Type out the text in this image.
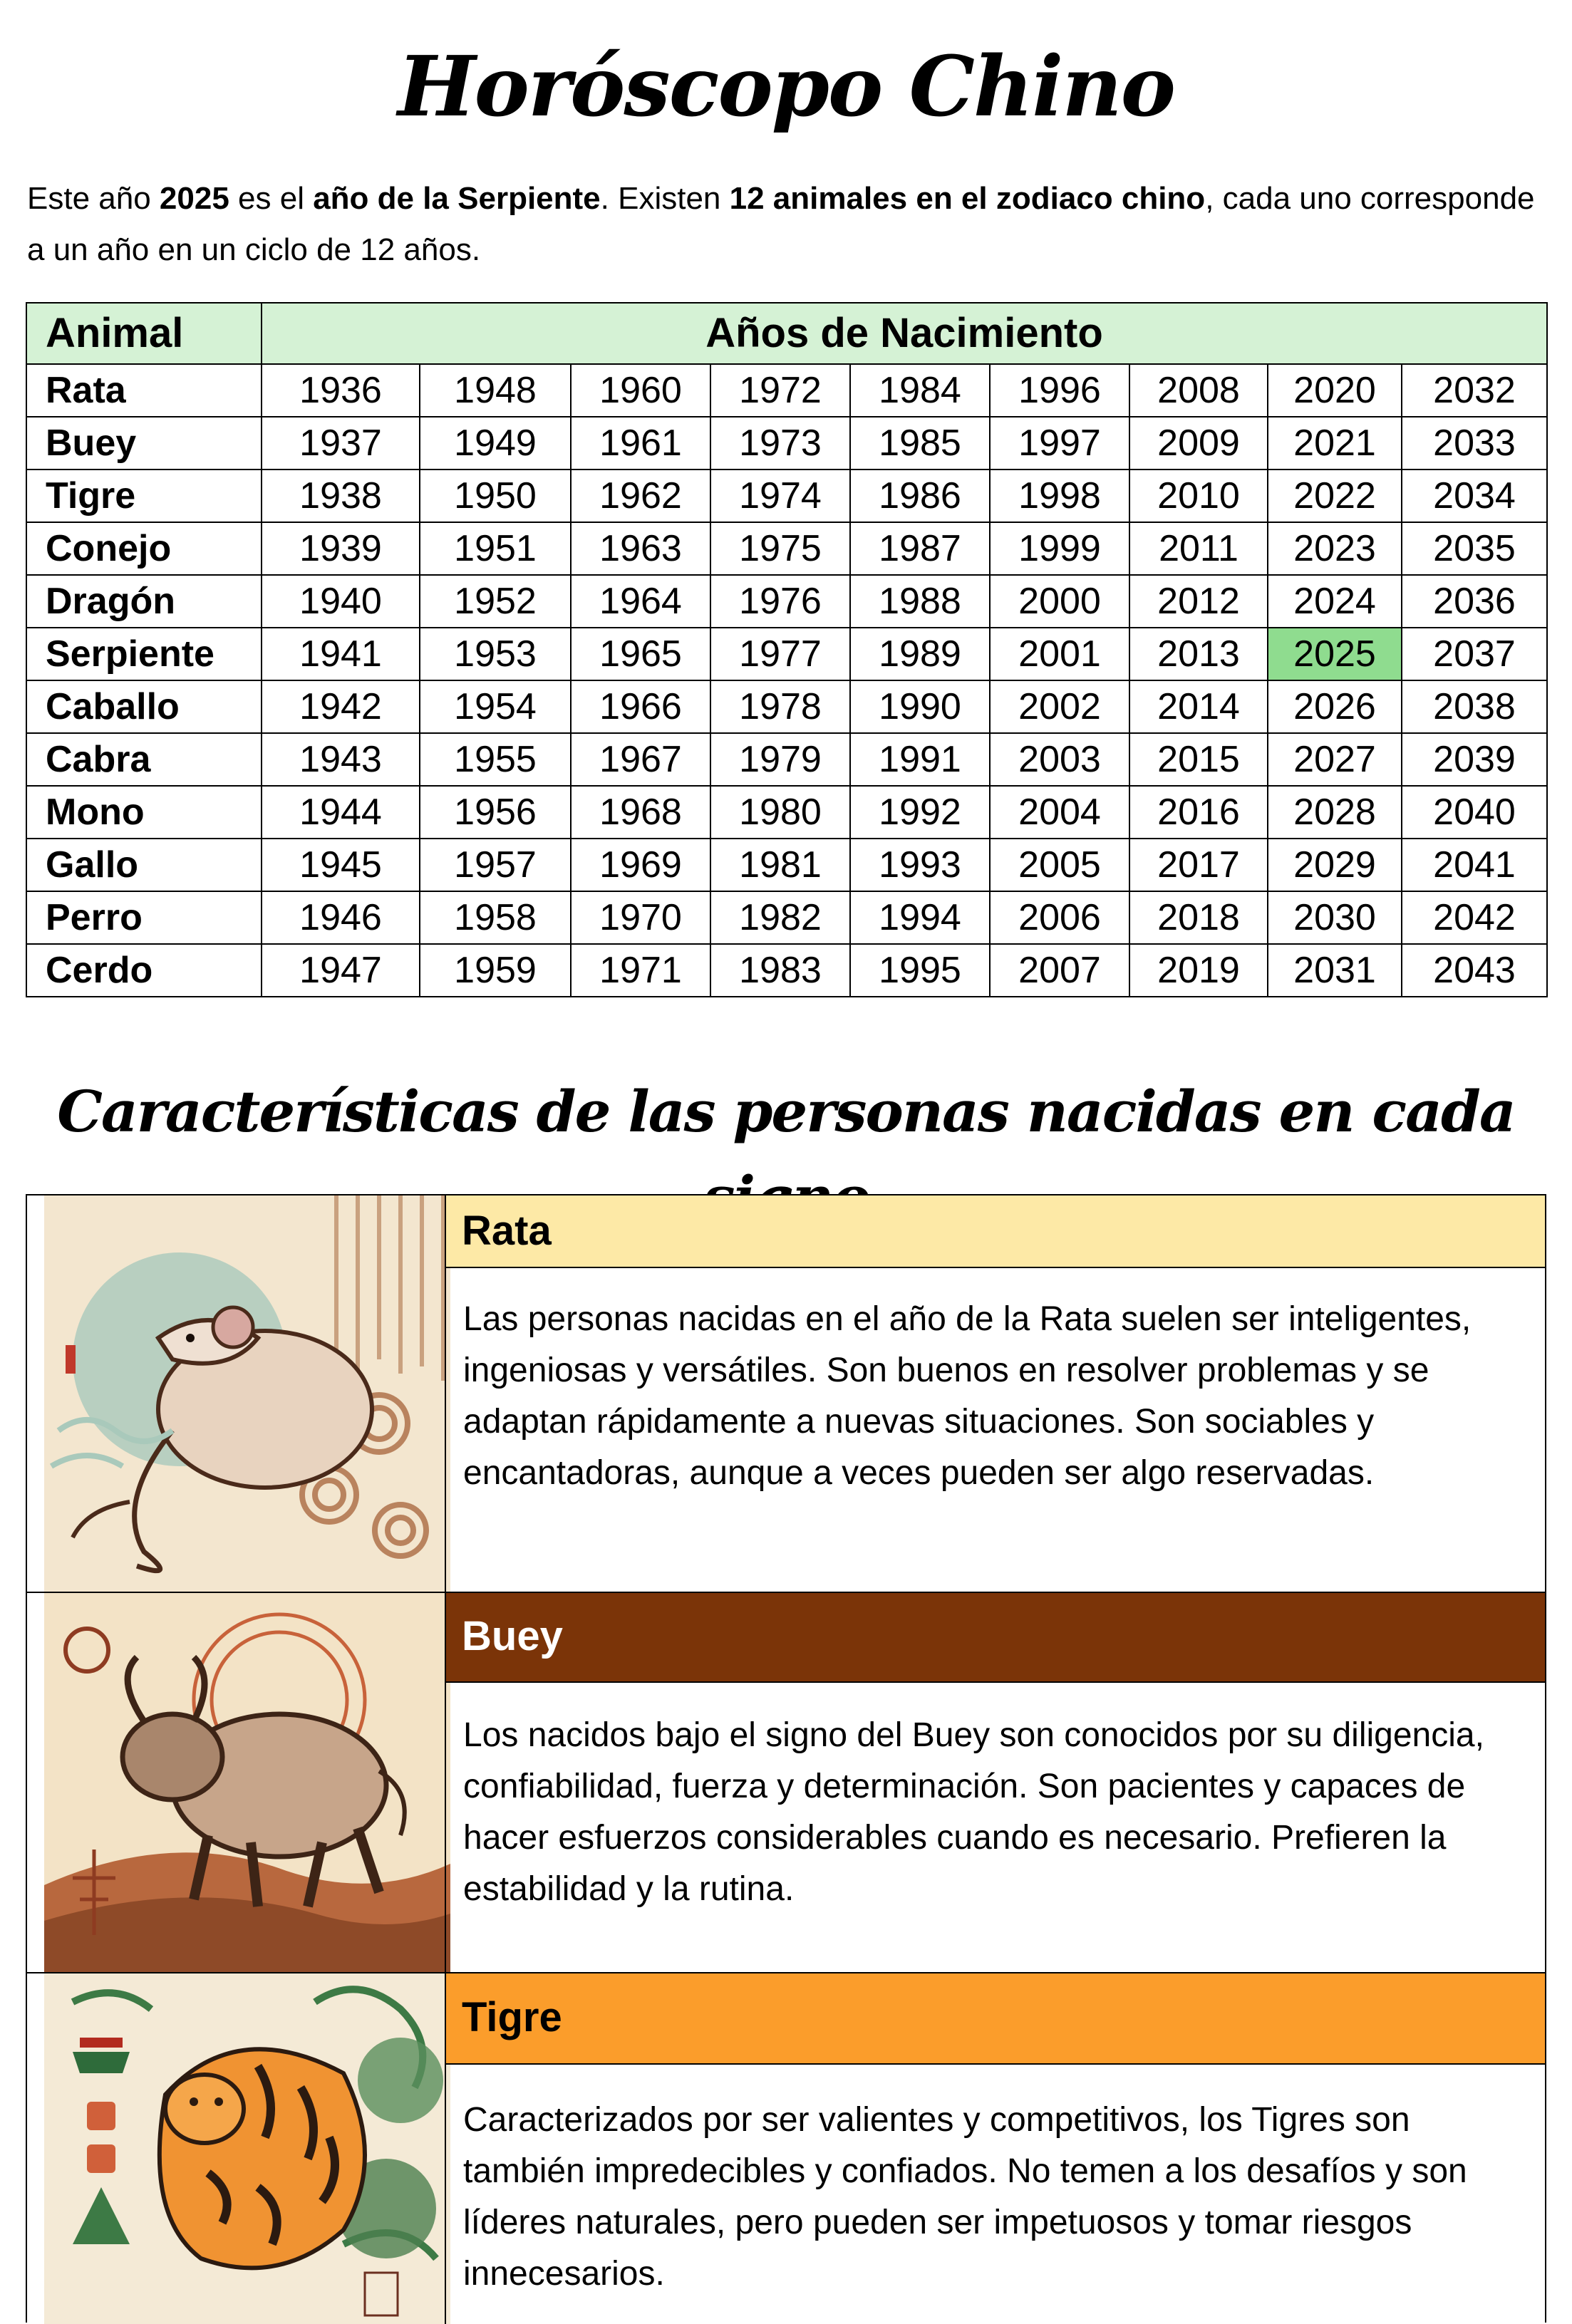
Horóscopo Chino
Este año 2025 es el año de la Serpiente. Existen 12 animales en el zodiaco chino, cada uno corresponde a un año en un ciclo de 12 años.
Animal	Años de Nacimiento								
Rata	1936	1948	1960	1972	1984	1996	2008	2020	2032
Buey	1937	1949	1961	1973	1985	1997	2009	2021	2033
Tigre	1938	1950	1962	1974	1986	1998	2010	2022	2034
Conejo	1939	1951	1963	1975	1987	1999	2011	2023	2035
Dragón	1940	1952	1964	1976	1988	2000	2012	2024	2036
Serpiente	1941	1953	1965	1977	1989	2001	2013	2025	2037
Caballo	1942	1954	1966	1978	1990	2002	2014	2026	2038
Cabra	1943	1955	1967	1979	1991	2003	2015	2027	2039
Mono	1944	1956	1968	1980	1992	2004	2016	2028	2040
Gallo	1945	1957	1969	1981	1993	2005	2017	2029	2041
Perro	1946	1958	1970	1982	1994	2006	2018	2030	2042
Cerdo	1947	1959	1971	1983	1995	2007	2019	2031	2043
Características de las personas nacidas en cada
Rata
Las personas nacidas en el año de la Rata suelen ser inteligentes, ingeniosas y versátiles. Son buenos en resolver problemas y se adaptan rápidamente a nuevas situaciones. Son sociables y encantadoras, aunque a veces pueden ser algo reservadas.
Buey
Los nacidos bajo el signo del Buey son conocidos por su diligencia, confiabilidad, fuerza y determinación. Son pacientes y capaces de hacer esfuerzos considerables cuando es necesario. Prefieren la estabilidad y la rutina.
Tigre
Caracterizados por ser valientes y competitivos, los Tigres son también impredecibles y confiados. No temen a los desafíos y son líderes naturales, pero pueden ser impetuosos y tomar riesgos innecesarios.
